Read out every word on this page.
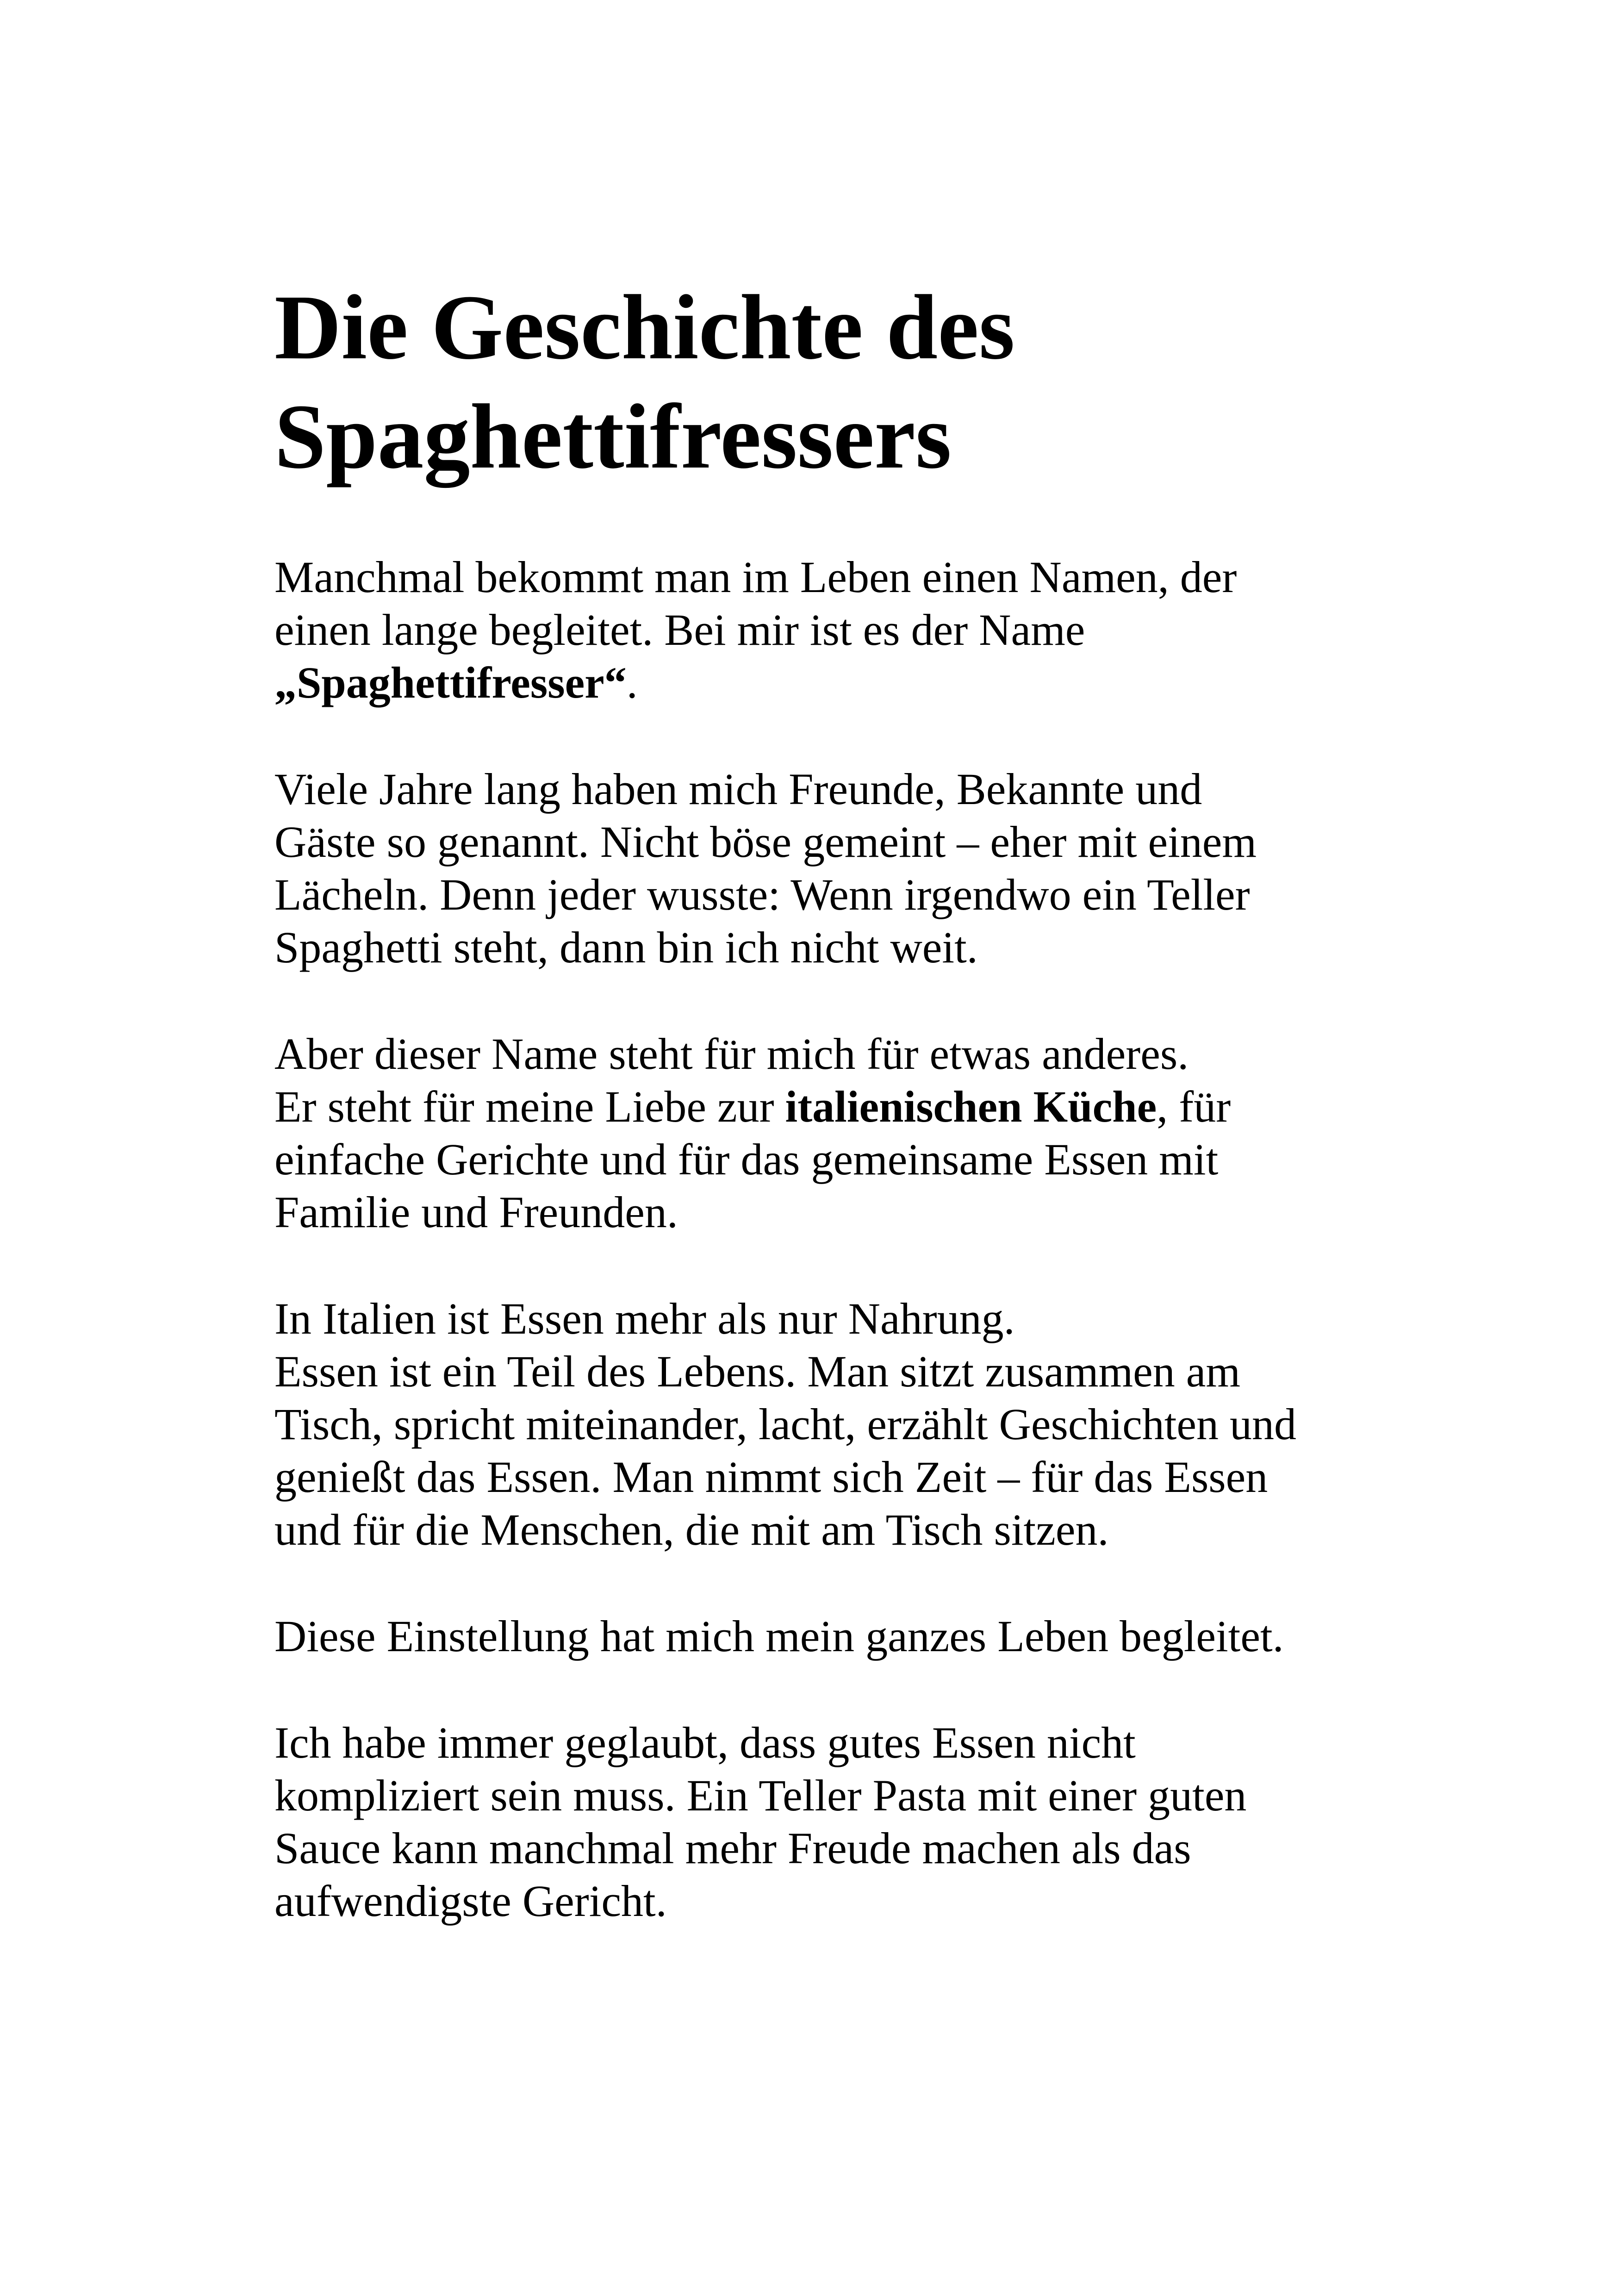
Die Geschichte des
Spaghettifressers

Manchmal bekommt man im Leben einen Namen, der
einen lange begleitet. Bei mir ist es der Name
„Spaghettifresser“.

Viele Jahre lang haben mich Freunde, Bekannte und
Gäste so genannt. Nicht böse gemeint – eher mit einem
Lächeln. Denn jeder wusste: Wenn irgendwo ein Teller
Spaghetti steht, dann bin ich nicht weit.

Aber dieser Name steht für mich für etwas anderes.
Er steht für meine Liebe zur italienischen Küche, für
einfache Gerichte und für das gemeinsame Essen mit
Familie und Freunden.

In Italien ist Essen mehr als nur Nahrung.
Essen ist ein Teil des Lebens. Man sitzt zusammen am
Tisch, spricht miteinander, lacht, erzählt Geschichten und
genießt das Essen. Man nimmt sich Zeit – für das Essen
und für die Menschen, die mit am Tisch sitzen.

Diese Einstellung hat mich mein ganzes Leben begleitet.

Ich habe immer geglaubt, dass gutes Essen nicht
kompliziert sein muss. Ein Teller Pasta mit einer guten
Sauce kann manchmal mehr Freude machen als das
aufwendigste Gericht.
